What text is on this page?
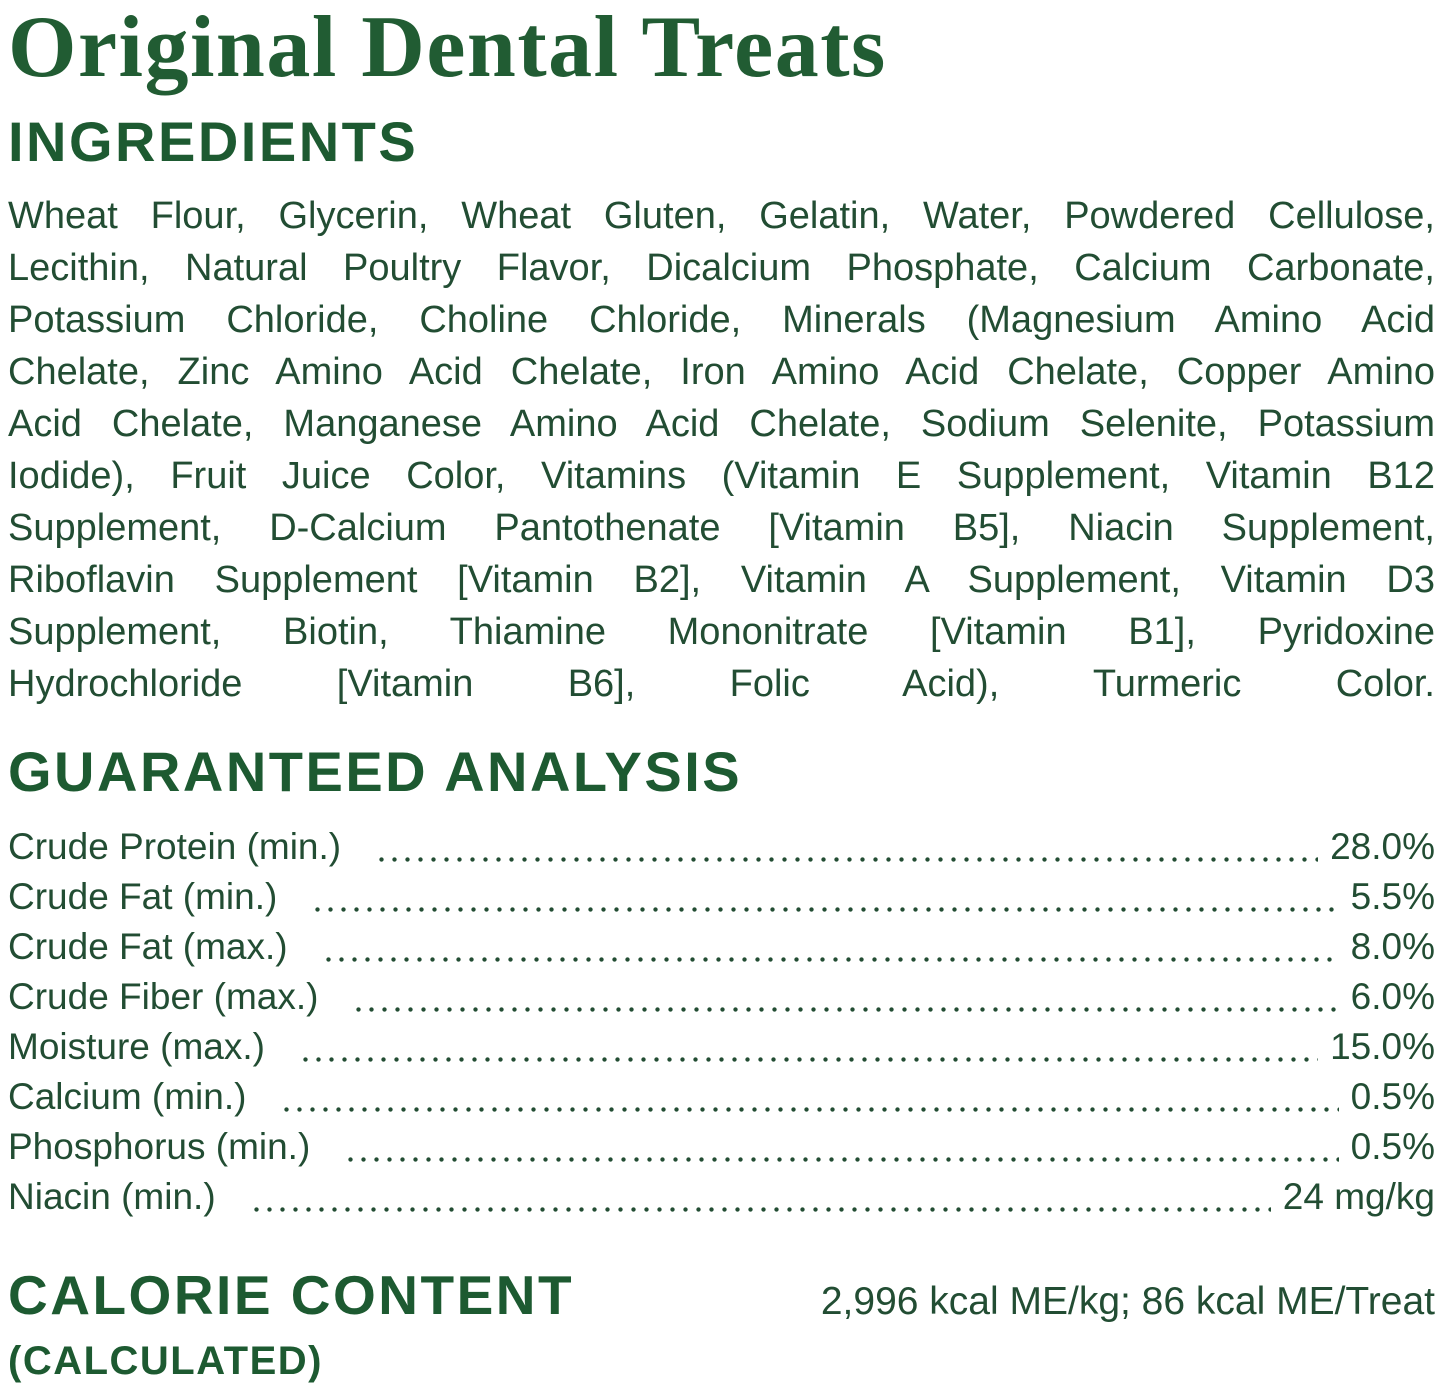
Original Dental Treats
INGREDIENTS
Wheat Flour, Glycerin, Wheat Gluten, Gelatin, Water, Powdered Cellulose,
Lecithin, Natural Poultry Flavor, Dicalcium Phosphate, Calcium Carbonate,
Potassium Chloride, Choline Chloride, Minerals (Magnesium Amino Acid
Chelate, Zinc Amino Acid Chelate, Iron Amino Acid Chelate, Copper Amino
Acid Chelate, Manganese Amino Acid Chelate, Sodium Selenite, Potassium
Iodide), Fruit Juice Color, Vitamins (Vitamin E Supplement, Vitamin B12
Supplement, D-Calcium Pantothenate [Vitamin B5], Niacin Supplement,
Riboflavin Supplement [Vitamin B2], Vitamin A Supplement, Vitamin D3
Supplement, Biotin, Thiamine Mononitrate [Vitamin B1], Pyridoxine
Hydrochloride [Vitamin B6], Folic Acid), Turmeric Color.
GUARANTEED ANALYSIS
Crude Protein (min.)	28.0%
Crude Fat (min.)	5.5%
Crude Fat (max.)	8.0%
Crude Fiber (max.)	6.0%
Moisture (max.)	15.0%
Calcium (min.)	0.5%
Phosphorus (min.)	0.5%
Niacin (min.)	24 mg/kg
CALORIE CONTENT
(CALCULATED)
2,996 kcal ME/kg; 86 kcal ME/Treat
